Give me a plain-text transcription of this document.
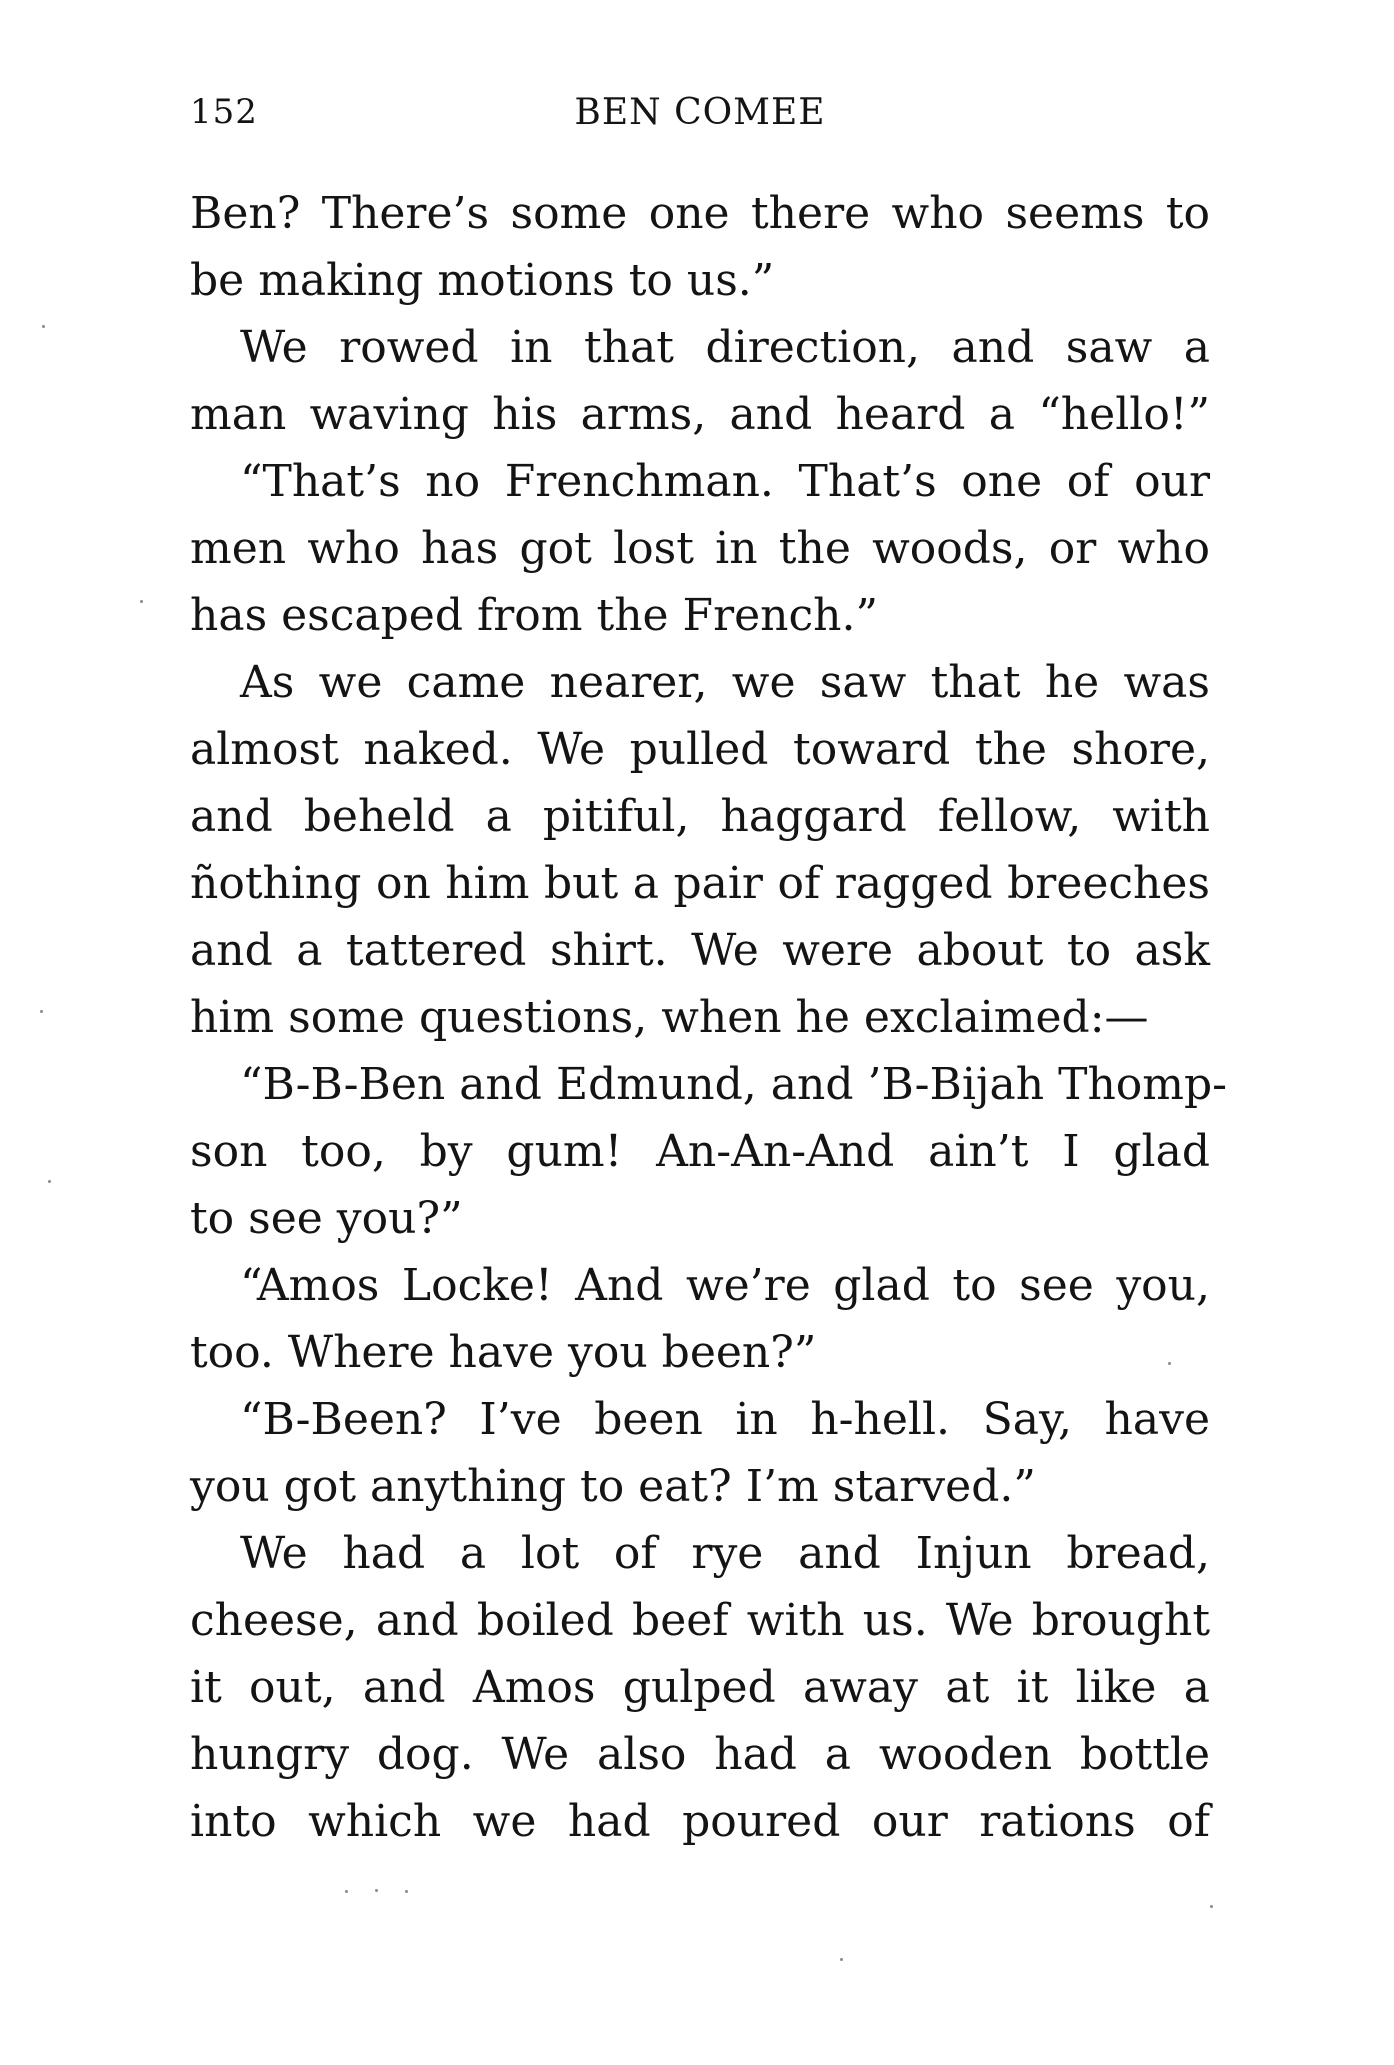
152	BEN COMEE
Ben? There’s some one there who seems to
be making motions to us.”
We rowed in that direction, and saw a
man waving his arms, and heard a “hello!”
“That’s no Frenchman. That’s one of our
men who has got lost in the woods, or who
has escaped from the French.”
As we came nearer, we saw that he was
almost naked. We pulled toward the shore,
and beheld a pitiful, haggard fellow, with
ñothing on him but a pair of ragged breeches
and a tattered shirt. We were about to ask
him some questions, when he exclaimed:—
“B-B-Ben and Edmund, and ’B-Bijah Thomp-
son too, by gum! An-An-And ain’t I glad
to see you?”
“Amos Locke! And we’re glad to see you,
too. Where have you been?”
“B-Been? I’ve been in h-hell. Say, have
you got anything to eat? I’m starved.”
We had a lot of rye and Injun bread,
cheese, and boiled beef with us. We brought
it out, and Amos gulped away at it like a
hungry dog. We also had a wooden bottle
into which we had poured our rations of
